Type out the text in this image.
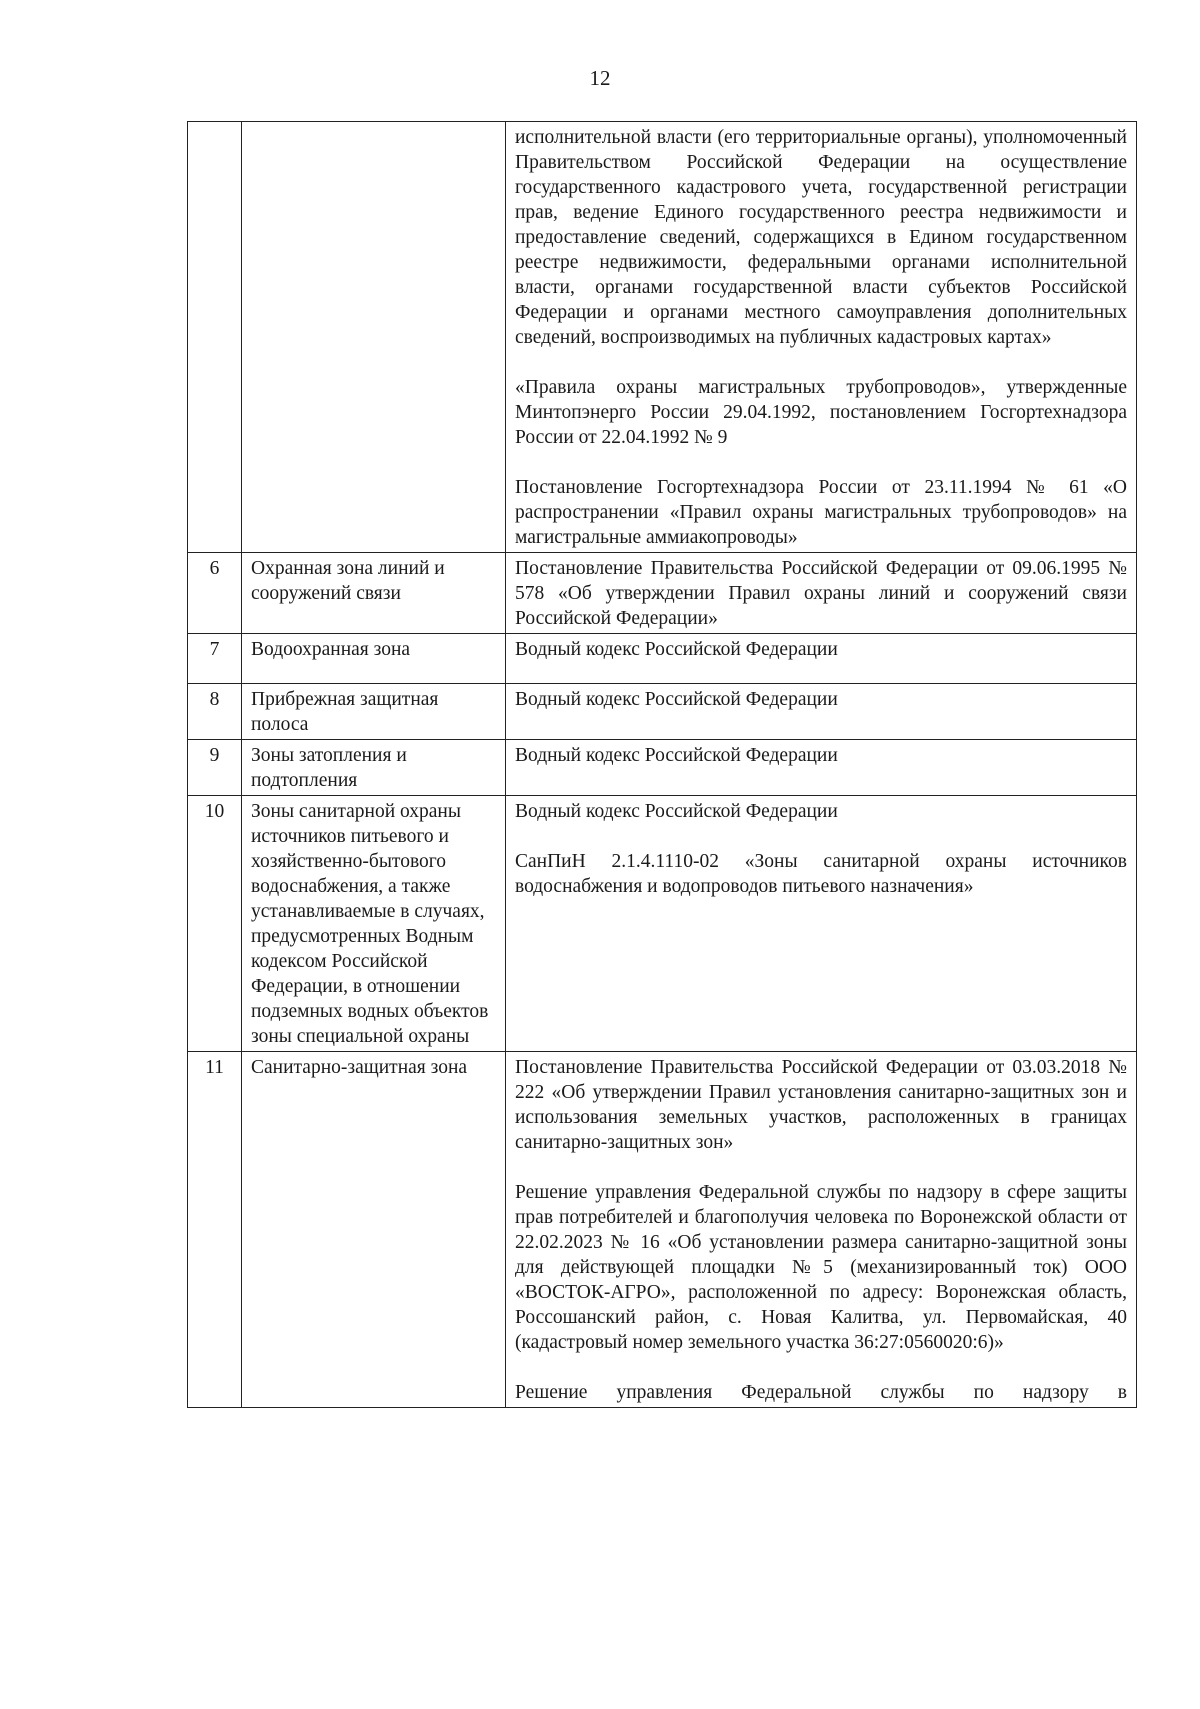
12

		исполнительной власти (его территориальные органы), уполномоченный Правительством Российской Федерации на осуществление государственного кадастрового учета, государственной регистрации прав, ведение Единого государственного реестра недвижимости и предоставление сведений, содержащихся в Едином государственном реестре недвижимости, федеральными органами исполнительной власти, органами государственной власти субъектов Российской Федерации и органами местного самоуправления дополнительных сведений, воспроизводимых на публичных кадастровых картах»

«Правила охраны магистральных трубопроводов», утвержденные Минтопэнерго России 29.04.1992, постановлением Госгортехнадзора России от 22.04.1992 № 9

Постановление Госгортехнадзора России от 23.11.1994 № 61 «О распространении «Правил охраны магистральных трубопроводов» на магистральные аммиакопроводы»

6	Охранная зона линий и сооружений связи	Постановление Правительства Российской Федерации от 09.06.1995 № 578 «Об утверждении Правил охраны линий и сооружений связи Российской Федерации»

7	Водоохранная зона	Водный кодекс Российской Федерации

8	Прибрежная защитная полоса	Водный кодекс Российской Федерации

9	Зоны затопления и подтопления	Водный кодекс Российской Федерации

10	Зоны санитарной охраны источников питьевого и хозяйственно-бытового водоснабжения, а также устанавливаемые в случаях, предусмотренных Водным кодексом Российской Федерации, в отношении подземных водных объектов зоны специальной охраны	Водный кодекс Российской Федерации

СанПиН 2.1.4.1110-02 «Зоны санитарной охраны источников водоснабжения и водопроводов питьевого назначения»

11	Санитарно-защитная зона	Постановление Правительства Российской Федерации от 03.03.2018 № 222 «Об утверждении Правил установления санитарно-защитных зон и использования земельных участков, расположенных в границах санитарно-защитных зон»

Решение управления Федеральной службы по надзору в сфере защиты прав потребителей и благополучия человека по Воронежской области от 22.02.2023 № 16 «Об установлении размера санитарно-защитной зоны для действующей площадки №5 (механизированный ток) ООО «ВОСТОК-АГРО», расположенной по адресу: Воронежская область, Россошанский район, с. Новая Калитва, ул. Первомайская, 40 (кадастровый номер земельного участка 36:27:0560020:6)»

Решение управления Федеральной службы по надзору в
